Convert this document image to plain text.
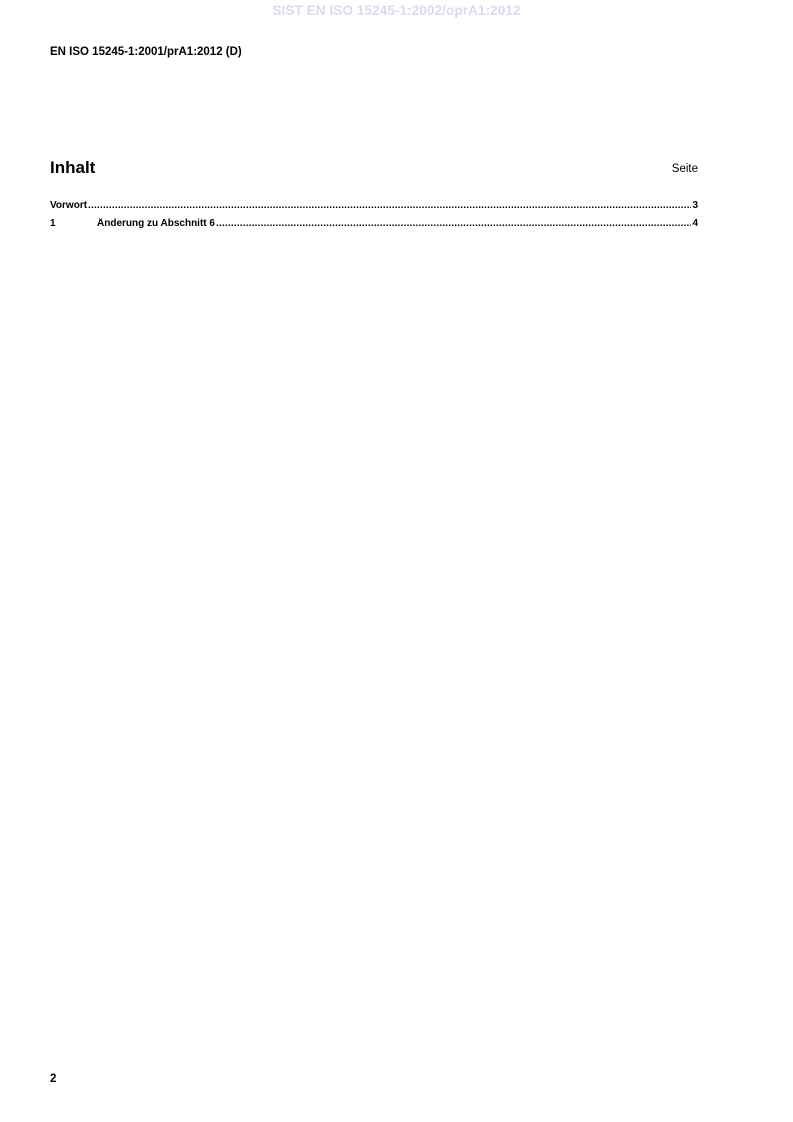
SIST EN ISO 15245-1:2002/oprA1:2012
EN ISO 15245-1:2001/prA1:2012 (D)
Inhalt	Seite
Vorwort .....	3
1	Änderung zu Abschnitt 6 .....	4
2
